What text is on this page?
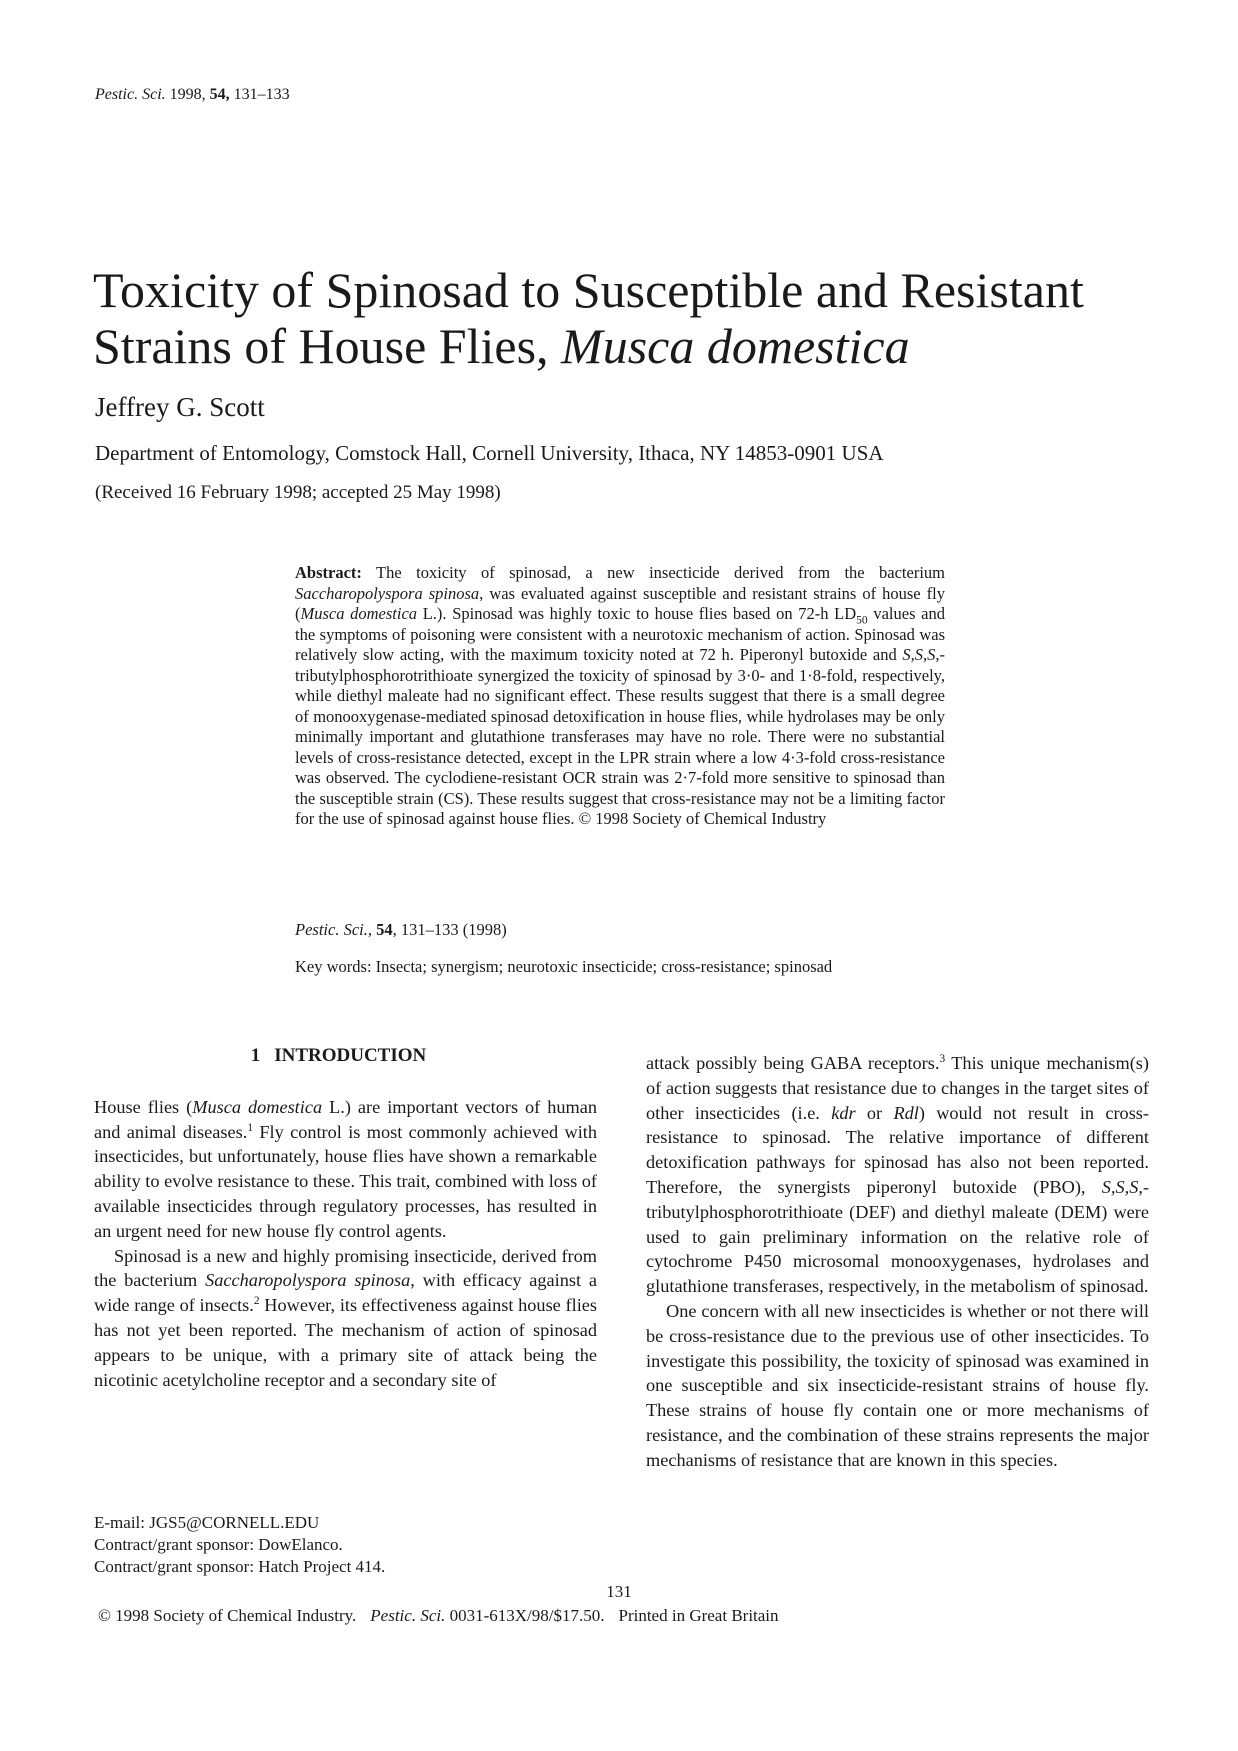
Pestic. Sci. 1998, 54, 131–133
Toxicity of Spinosad to Susceptible and Resistant
Strains of House Flies, Musca domestica
Jeffrey G. Scott
Department of Entomology, Comstock Hall, Cornell University, Ithaca, NY 14853-0901 USA
(Received 16 February 1998; accepted 25 May 1998)
Abstract: The toxicity of spinosad, a new insecticide derived from the bacterium Saccharopolyspora spinosa, was evaluated against susceptible and resistant strains of house fly (Musca domestica L.). Spinosad was highly toxic to house flies based on 72-h $LD_{50}$ values and the symptoms of poisoning were consistent with a neurotoxic mechanism of action. Spinosad was relatively slow acting, with the maximum toxicity noted at 72 h. Piperonyl butoxide and S,S,S,-tributylphosphorotrithioate synergized the toxicity of spinosad by 3·0- and 1·8-fold, respectively, while diethyl maleate had no significant effect. These results suggest that there is a small degree of monooxygenase-mediated spinosad detoxification in house flies, while hydrolases may be only minimally important and glutathione transferases may have no role. There were no substantial levels of cross-resistance detected, except in the LPR strain where a low 4·3-fold cross-resistance was observed. The cyclodiene-resistant OCR strain was 2·7-fold more sensitive to spinosad than the susceptible strain (CS). These results suggest that cross-resistance may not be a limiting factor for the use of spinosad against house flies. © 1998 Society of Chemical Industry
Pestic. Sci., 54, 131–133 (1998)
Key words: Insecta; synergism; neurotoxic insecticide; cross-resistance; spinosad
1 INTRODUCTION

House flies (Musca domestica L.) are important vectors of human and animal diseases.$^1$ Fly control is most commonly achieved with insecticides, but unfortunately, house flies have shown a remarkable ability to evolve resistance to these. This trait, combined with loss of available insecticides through regulatory processes, has resulted in an urgent need for new house fly control agents.

Spinosad is a new and highly promising insecticide, derived from the bacterium Saccharopolyspora spinosa, with efficacy against a wide range of insects.$^2$ However, its effectiveness against house flies has not yet been reported. The mechanism of action of spinosad appears to be unique, with a primary site of attack being the nicotinic acetylcholine receptor and a secondary site of

attack possibly being GABA receptors.$^3$ This unique mechanism(s) of action suggests that resistance due to changes in the target sites of other insecticides (i.e. kdr or Rdl) would not result in cross-resistance to spinosad. The relative importance of different detoxification pathways for spinosad has also not been reported. Therefore, the synergists piperonyl butoxide (PBO), S,S,S,-tributylphosphorotrithioate (DEF) and diethyl maleate (DEM) were used to gain preliminary information on the relative role of cytochrome P450 microsomal monooxygenases, hydrolases and glutathione transferases, respectively, in the metabolism of spinosad.

One concern with all new insecticides is whether or not there will be cross-resistance due to the previous use of other insecticides. To investigate this possibility, the toxicity of spinosad was examined in one susceptible and six insecticide-resistant strains of house fly. These strains of house fly contain one or more mechanisms of resistance, and the combination of these strains represents the major mechanisms of resistance that are known in this species.

E-mail: JGS5@CORNELL.EDU
Contract/grant sponsor: DowElanco.
Contract/grant sponsor: Hatch Project 414.
131
© 1998 Society of Chemical Industry. Pestic. Sci. 0031-613X/98/$17.50. Printed in Great Britain
